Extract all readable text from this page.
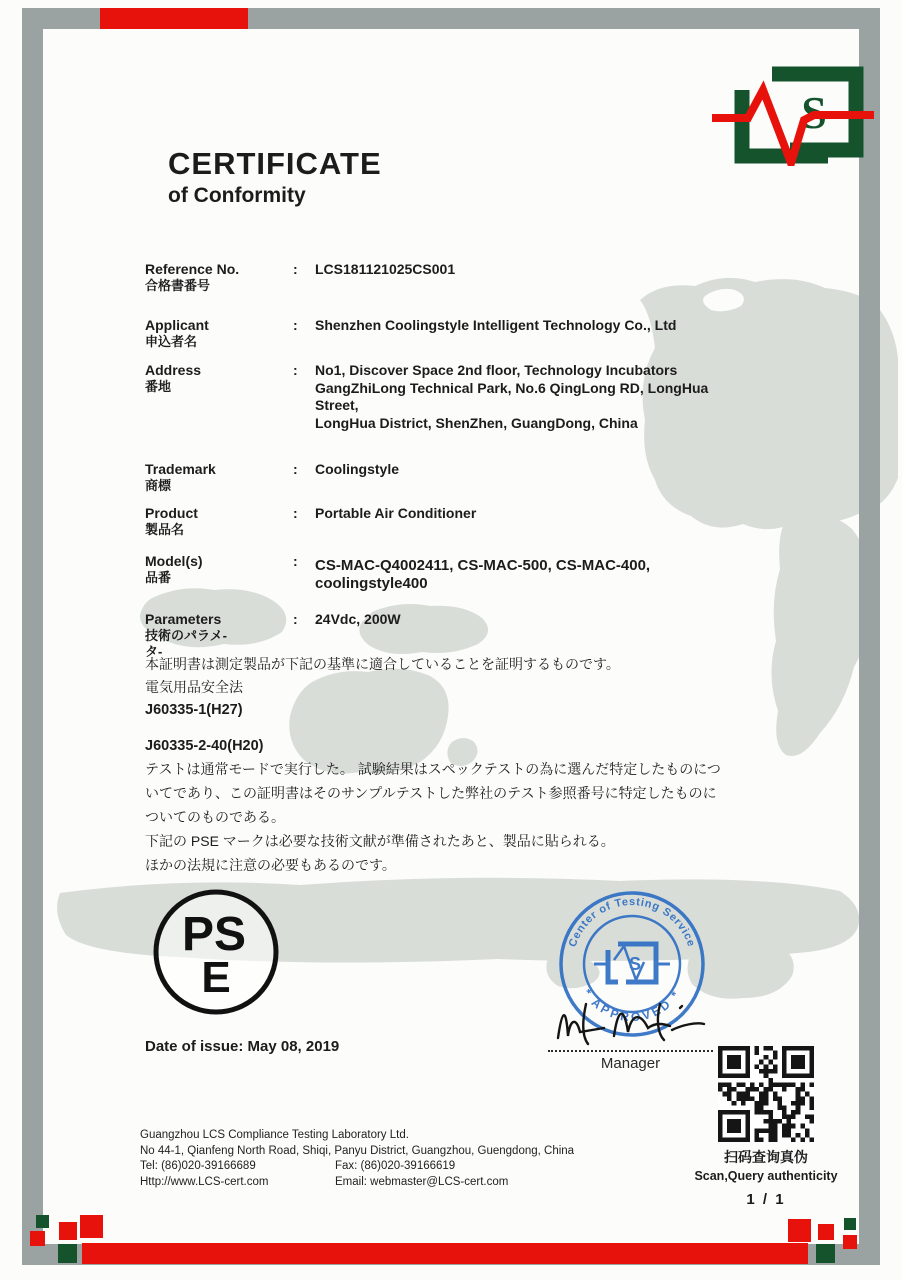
S
CERTIFICATE
of Conformity
Reference No.
合格書番号
:	LCS181121025CS001
Applicant
申込者名
:	Shenzhen Coolingstyle Intelligent Technology Co., Ltd
Address
番地
:	No1, Discover Space 2nd floor, Technology Incubators
GangZhiLong Technical Park, No.6 QingLong RD, LongHua Street,
LongHua District, ShenZhen, GuangDong, China
Trademark
商標
:	Coolingstyle
Product
製品名
:	Portable Air Conditioner
Model(s)
品番
:	CS-MAC-Q4002411, CS-MAC-500, CS-MAC-400, coolingstyle400
Parameters
技術のパラメ-
タ-
:	24Vdc, 200W
本証明書は測定製品が下記の基準に適合していることを証明するものです。
電気用品安全法
J60335-1(H27)
J60335-2-40(H20)
テストは通常モードで実行した。 試験結果はスペックテストの為に選んだ特定したものにつ
いてであり、この証明書はそのサンプルテストした弊社のテスト参照番号に特定したものに
ついてのものである。
下記の PSE マークは必要な技術文献が準備されたあと、製品に貼られる。
ほかの法規に注意の必要もあるのです。
PS
E
Center of Testing Service
* APPROVED *
S
Manager
Date of issue: May 08, 2019
Guangzhou LCS Compliance Testing Laboratory Ltd.
No 44-1, Qianfeng North Road, Shiqi, Panyu District, Guangzhou, Guengdong, China
Tel: (86)020-39166689	Fax: (86)020-39166619
Http://www.LCS-cert.com	Email: webmaster@LCS-cert.com
扫码查询真伪
Scan,Query authenticity
1 / 1
